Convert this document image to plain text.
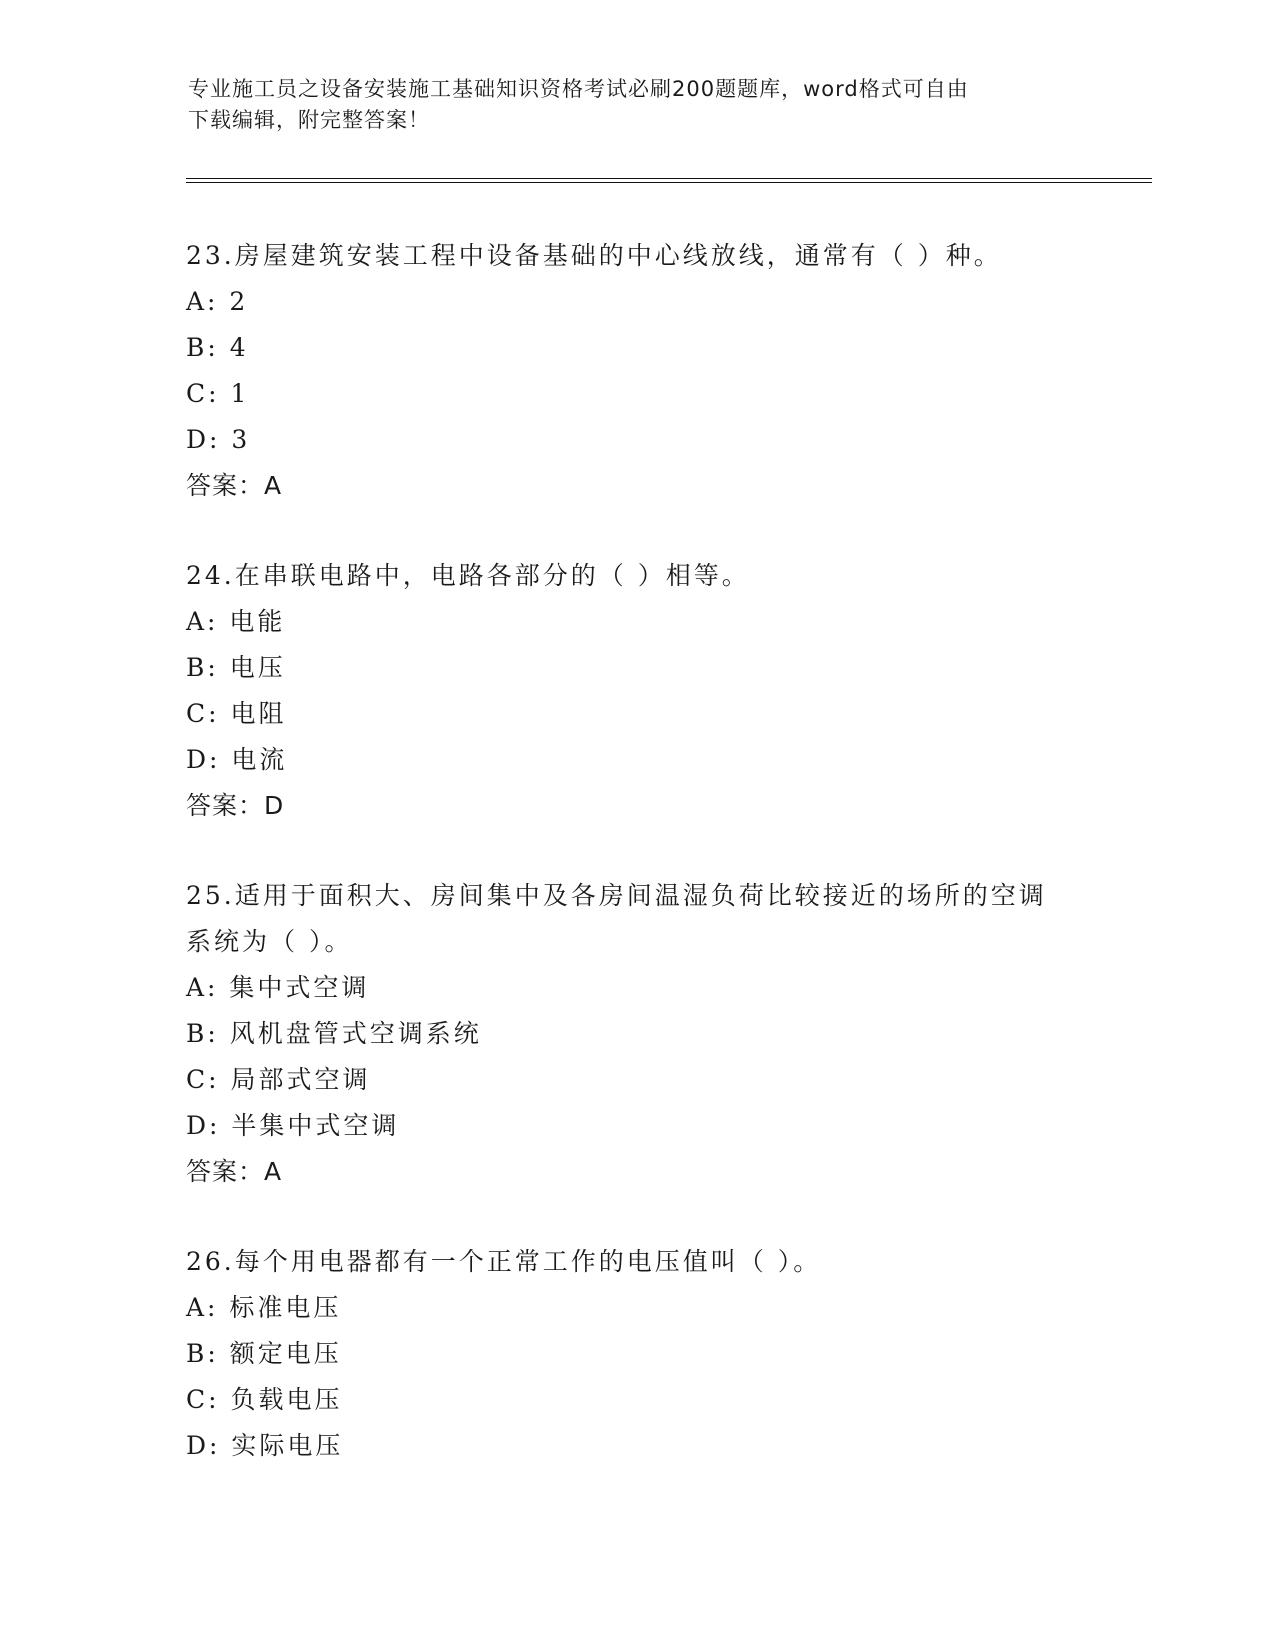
专业施工员之设备安装施工基础知识资格考试必刷200题题库，word格式可自由
下载编辑，附完整答案！

23.房屋建筑安装工程中设备基础的中心线放线，通常有（ ）种。

A: 2

B: 4

C: 1

D: 3

答案：A

24.在串联电路中，电路各部分的（ ）相等。

A: 电能

B: 电压

C: 电阻

D: 电流

答案：D

25.适用于面积大、房间集中及各房间温湿负荷比较接近的场所的空调

系统为（ ）。

A: 集中式空调

B: 风机盘管式空调系统

C: 局部式空调

D: 半集中式空调

答案：A

26.每个用电器都有一个正常工作的电压值叫（ ）。

A: 标准电压

B: 额定电压

C: 负载电压

D: 实际电压
